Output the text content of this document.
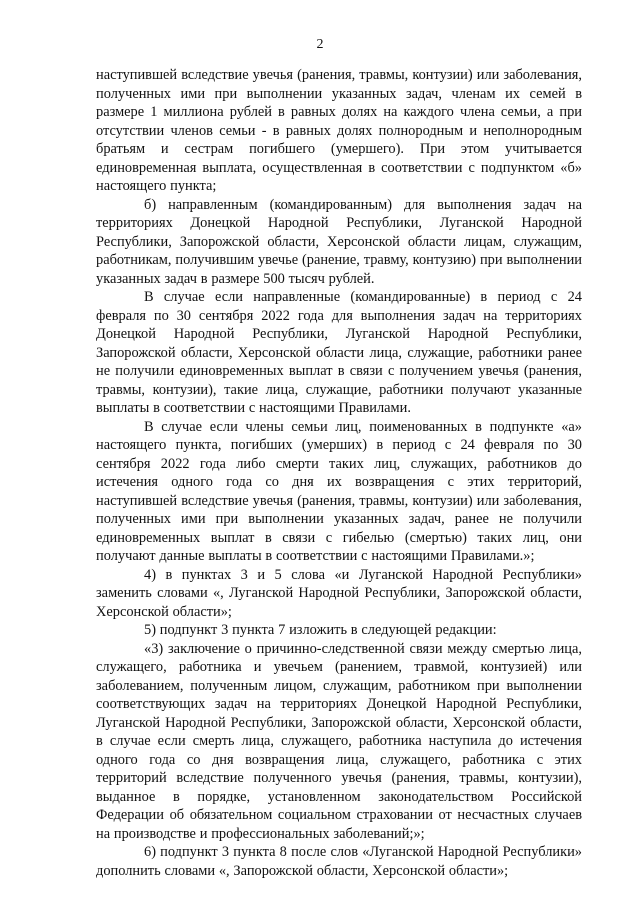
2

наступившей вследствие увечья (ранения, травмы, контузии) или заболевания, полученных ими при выполнении указанных задач, членам их семей в размере 1 миллиона рублей в равных долях на каждого члена семьи, а при отсутствии членов семьи - в равных долях полнородным и неполнородным братьям и сестрам погибшего (умершего). При этом учитывается единовременная выплата, осуществленная в соответствии с подпунктом «б» настоящего пункта;

б) направленным (командированным) для выполнения задач на территориях Донецкой Народной Республики, Луганской Народной Республики, Запорожской области, Херсонской области лицам, служащим, работникам, получившим увечье (ранение, травму, контузию) при выполнении указанных задач в размере 500 тысяч рублей.

В случае если направленные (командированные) в период с 24 февраля по 30 сентября 2022 года для выполнения задач на территориях Донецкой Народной Республики, Луганской Народной Республики, Запорожской области, Херсонской области лица, служащие, работники ранее не получили единовременных выплат в связи с получением увечья (ранения, травмы, контузии), такие лица, служащие, работники получают указанные выплаты в соответствии с настоящими Правилами.

В случае если члены семьи лиц, поименованных в подпункте «а» настоящего пункта, погибших (умерших) в период с 24 февраля по 30 сентября 2022 года либо смерти таких лиц, служащих, работников до истечения одного года со дня их возвращения с этих территорий, наступившей вследствие увечья (ранения, травмы, контузии) или заболевания, полученных ими при выполнении указанных задач, ранее не получили единовременных выплат в связи с гибелью (смертью) таких лиц, они получают данные выплаты в соответствии с настоящими Правилами.»;

4) в пунктах 3 и 5 слова «и Луганской Народной Республики» заменить словами «, Луганской Народной Республики, Запорожской области, Херсонской области»;

5) подпункт 3 пункта 7 изложить в следующей редакции:

«3) заключение о причинно-следственной связи между смертью лица, служащего, работника и увечьем (ранением, травмой, контузией) или заболеванием, полученным лицом, служащим, работником при выполнении соответствующих задач на территориях Донецкой Народной Республики, Луганской Народной Республики, Запорожской области, Херсонской области, в случае если смерть лица, служащего, работника наступила до истечения одного года со дня возвращения лица, служащего, работника с этих территорий вследствие полученного увечья (ранения, травмы, контузии), выданное в порядке, установленном законодательством Российской Федерации об обязательном социальном страховании от несчастных случаев на производстве и профессиональных заболеваний;»;

6) подпункт 3 пункта 8 после слов «Луганской Народной Республики» дополнить словами «, Запорожской области, Херсонской области»;
